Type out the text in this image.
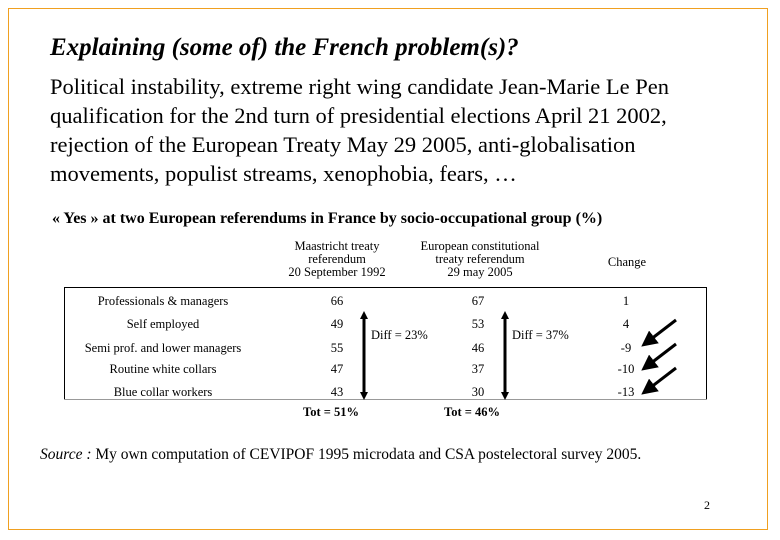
Explaining (some of) the French problem(s)?
Political instability, extreme right wing candidate Jean-Marie Le Pen
qualification for the 2nd turn of presidential elections April 21 2002,
rejection of the European Treaty May 29 2005, anti-globalisation
movements, populist streams, xenophobia, fears, …
« Yes » at two European referendums in France by socio-occupational group (%)
Maastricht treaty
referendum
20 September 1992
European constitutional
treaty referendum
29 may 2005
Change
Professionals & managers	66	67	1
Self employed	49	53	4
Semi prof. and lower managers	55	46	-9
Routine white collars	47	37	-10
Blue collar workers	43	30	-13
Diff = 23%	Diff = 37%
Tot = 51%	Tot = 46%
Source : My own computation of CEVIPOF 1995 microdata and CSA postelectoral survey 2005.
2
